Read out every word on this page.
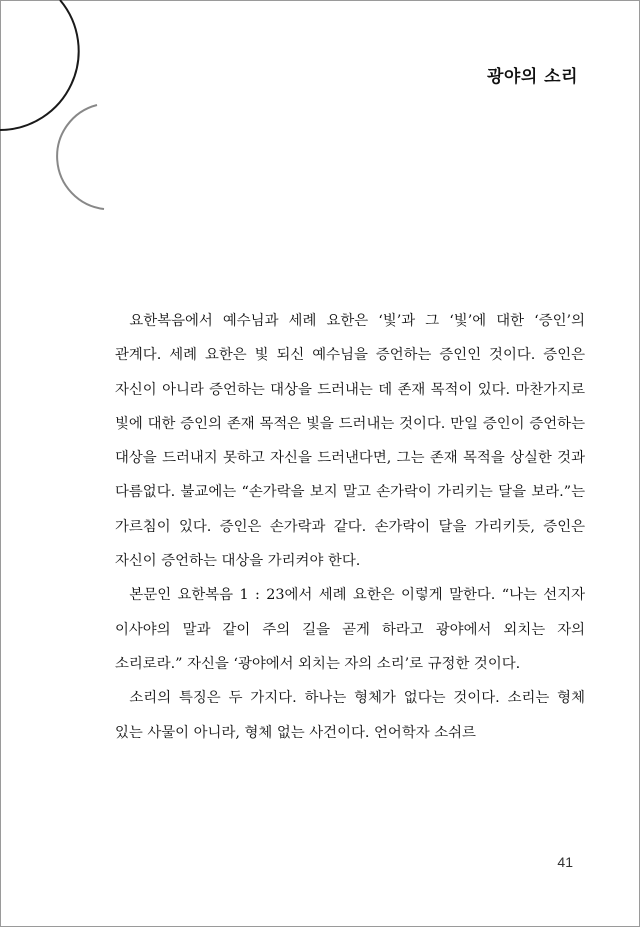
광야의 소리

요한복음에서 예수님과 세례 요한은 ‘빛’과 그 ‘빛’에 대한 ‘증인’의 관계다. 세례 요한은 빛 되신 예수님을 증언하는 증인인 것이다. 증인은 자신이 아니라 증언하는 대상을 드러내는 데 존재 목적이 있다. 마찬가지로 빛에 대한 증인의 존재 목적은 빛을 드러내는 것이다. 만일 증인이 증언하는 대상을 드러내지 못하고 자신을 드러낸다면, 그는 존재 목적을 상실한 것과 다름없다. 불교에는 “손가락을 보지 말고 손가락이 가리키는 달을 보라.”는 가르침이 있다. 증인은 손가락과 같다. 손가락이 달을 가리키듯, 증인은 자신이 증언하는 대상을 가리켜야 한다.

본문인 요한복음 1 : 23에서 세례 요한은 이렇게 말한다. “나는 선지자 이사야의 말과 같이 주의 길을 곧게 하라고 광야에서 외치는 자의 소리로라.” 자신을 ‘광야에서 외치는 자의 소리’로 규정한 것이다.

소리의 특징은 두 가지다. 하나는 형체가 없다는 것이다. 소리는 형체 있는 사물이 아니라, 형체 없는 사건이다. 언어학자 소쉬르

41
